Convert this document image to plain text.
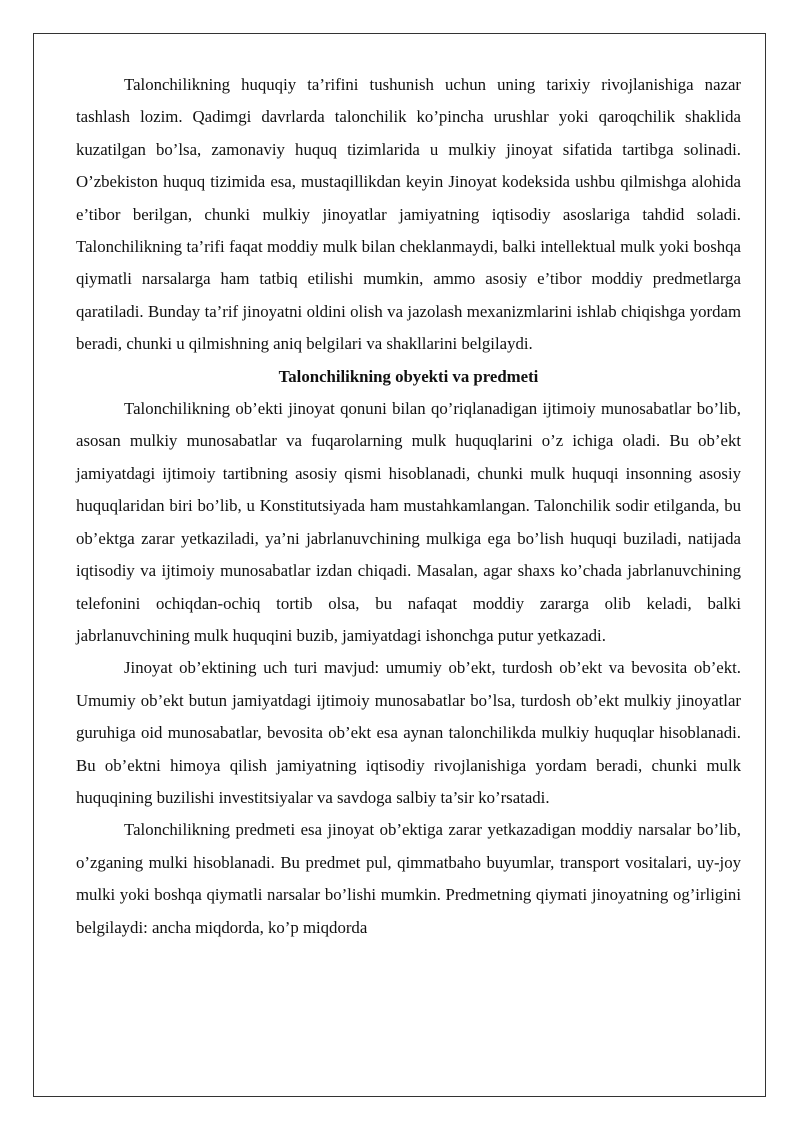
Talonchilikning huquqiy ta’rifini tushunish uchun uning tarixiy rivojlanishiga nazar tashlash lozim. Qadimgi davrlarda talonchilik ko’pincha urushlar yoki qaroqchilik shaklida kuzatilgan bo’lsa, zamonaviy huquq tizimlarida u mulkiy jinoyat sifatida tartibga solinadi. O’zbekiston huquq tizimida esa, mustaqillikdan keyin Jinoyat kodeksida ushbu qilmishga alohida e’tibor berilgan, chunki mulkiy jinoyatlar jamiyatning iqtisodiy asoslariga tahdid soladi. Talonchilikning ta’rifi faqat moddiy mulk bilan cheklanmaydi, balki intellektual mulk yoki boshqa qiymatli narsalarga ham tatbiq etilishi mumkin, ammo asosiy e’tibor moddiy predmetlarga qaratiladi. Bunday ta’rif jinoyatni oldini olish va jazolash mexanizmlarini ishlab chiqishga yordam beradi, chunki u qilmishning aniq belgilari va shakllarini belgilaydi.

Talonchilikning obyekti va predmeti

Talonchilikning ob’ekti jinoyat qonuni bilan qo’riqlanadigan ijtimoiy munosabatlar bo’lib, asosan mulkiy munosabatlar va fuqarolarning mulk huquqlarini o’z ichiga oladi. Bu ob’ekt jamiyatdagi ijtimoiy tartibning asosiy qismi hisoblanadi, chunki mulk huquqi insonning asosiy huquqlaridan biri bo’lib, u Konstitutsiyada ham mustahkamlangan. Talonchilik sodir etilganda, bu ob’ektga zarar yetkaziladi, ya’ni jabrlanuvchining mulkiga ega bo’lish huquqi buziladi, natijada iqtisodiy va ijtimoiy munosabatlar izdan chiqadi. Masalan, agar shaxs ko’chada jabrlanuvchining telefonini ochiqdan-ochiq tortib olsa, bu nafaqat moddiy zararga olib keladi, balki jabrlanuvchining mulk huquqini buzib, jamiyatdagi ishonchga putur yetkazadi.

Jinoyat ob’ektining uch turi mavjud: umumiy ob’ekt, turdosh ob’ekt va bevosita ob’ekt. Umumiy ob’ekt butun jamiyatdagi ijtimoiy munosabatlar bo’lsa, turdosh ob’ekt mulkiy jinoyatlar guruhiga oid munosabatlar, bevosita ob’ekt esa aynan talonchilikda mulkiy huquqlar hisoblanadi. Bu ob’ektni himoya qilish jamiyatning iqtisodiy rivojlanishiga yordam beradi, chunki mulk huquqining buzilishi investitsiyalar va savdoga salbiy ta’sir ko’rsatadi.

Talonchilikning predmeti esa jinoyat ob’ektiga zarar yetkazadigan moddiy narsalar bo’lib, o’zganing mulki hisoblanadi. Bu predmet pul, qimmatbaho buyumlar, transport vositalari, uy-joy mulki yoki boshqa qiymatli narsalar bo’lishi mumkin. Predmetning qiymati jinoyatning og’irligini belgilaydi: ancha miqdorda, ko’p miqdorda
